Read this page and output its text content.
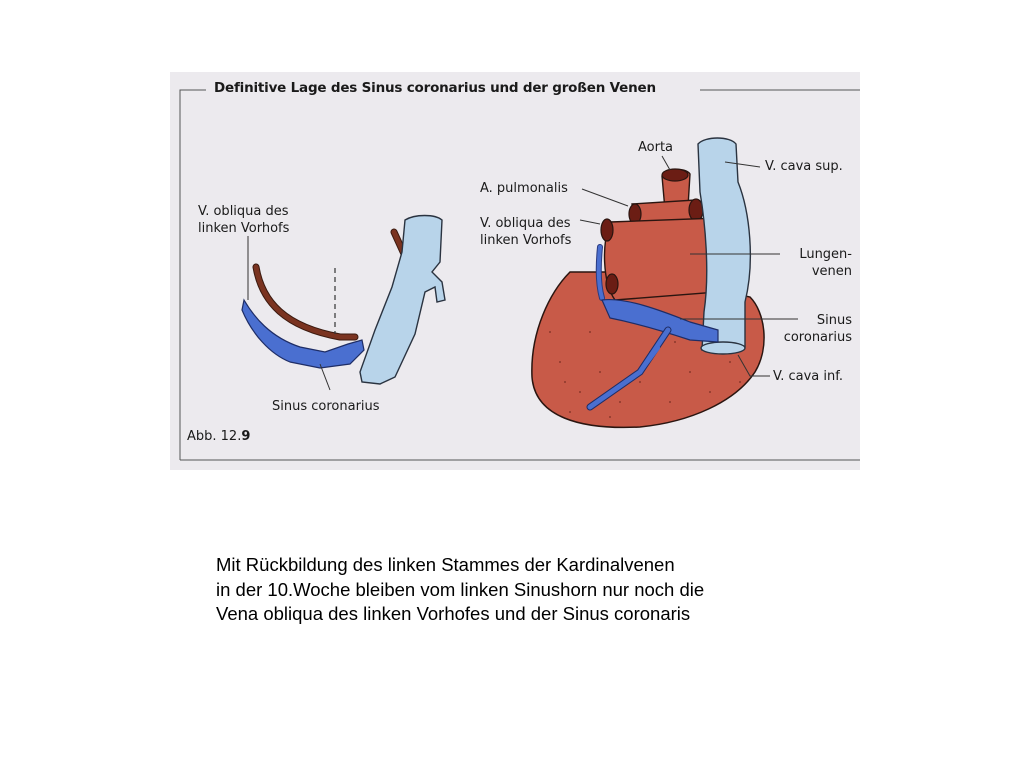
Definitive Lage des Sinus coronarius und der großen Venen
V. obliqua des
linken Vorhofs
Sinus coronarius
Aorta
A. pulmonalis
V. obliqua des
linken Vorhofs
V. cava sup.
Lungen-
venen
Sinus
coronarius
V. cava inf.
Abb. 12.9
Mit Rückbildung des linken Stammes der Kardinalvenen
in der 10.Woche bleiben vom linken Sinushorn nur noch die
Vena obliqua des linken Vorhofes und der Sinus coronaris
